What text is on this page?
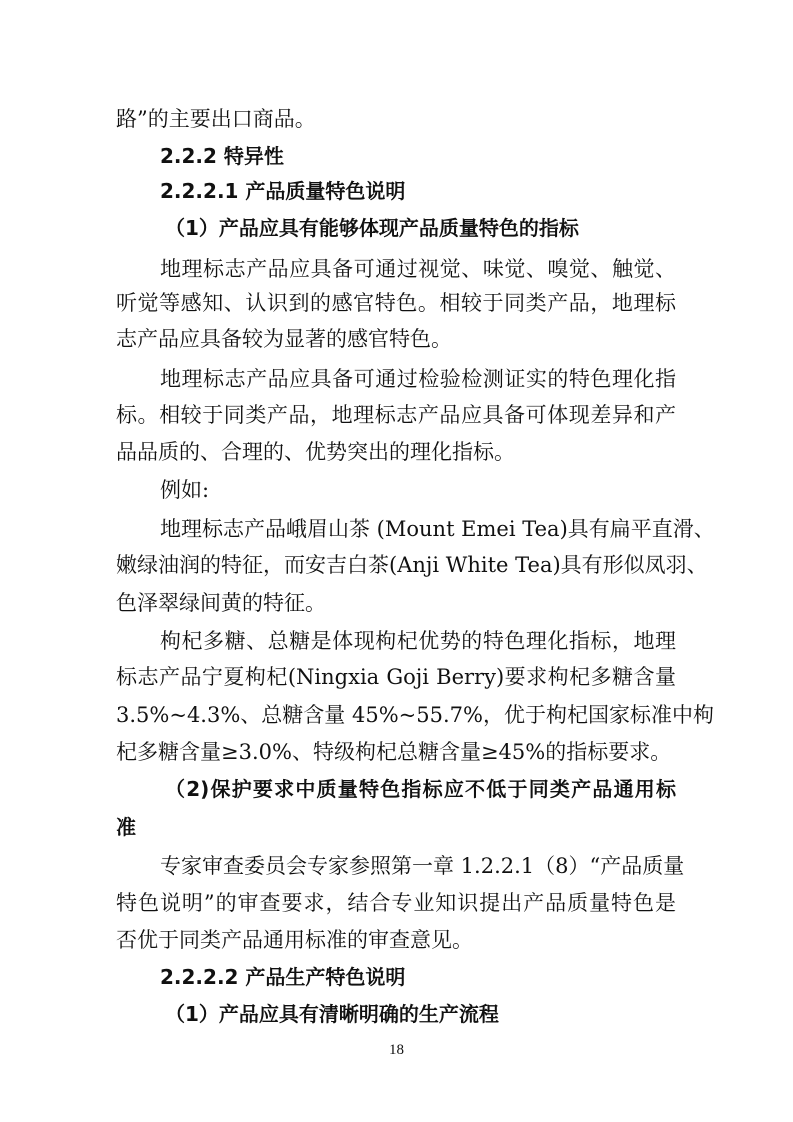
路”的主要出口商品。
2.2.2 特异性
2.2.2.1 产品质量特色说明
（1）产品应具有能够体现产品质量特色的指标
地理标志产品应具备可通过视觉、味觉、嗅觉、触觉、
听觉等感知、认识到的感官特色。相较于同类产品，地理标
志产品应具备较为显著的感官特色。
地理标志产品应具备可通过检验检测证实的特色理化指
标。相较于同类产品，地理标志产品应具备可体现差异和产
品品质的、合理的、优势突出的理化指标。
例如:
地理标志产品峨眉山茶 (Mount Emei Tea)具有扁平直滑、
嫩绿油润的特征，而安吉白茶(Anji White Tea)具有形似凤羽、
色泽翠绿间黄的特征。
枸杞多糖、总糖是体现枸杞优势的特色理化指标，地理
标志产品宁夏枸杞(Ningxia Goji Berry)要求枸杞多糖含量
3.5%~4.3%、总糖含量 45%~55.7%，优于枸杞国家标准中枸
杞多糖含量≥3.0%、特级枸杞总糖含量≥45%的指标要求。
（2)保护要求中质量特色指标应不低于同类产品通用标
准
专家审查委员会专家参照第一章 1.2.2.1（8）“产品质量
特色说明”的审查要求，结合专业知识提出产品质量特色是
否优于同类产品通用标准的审查意见。
2.2.2.2 产品生产特色说明
（1）产品应具有清晰明确的生产流程
18
